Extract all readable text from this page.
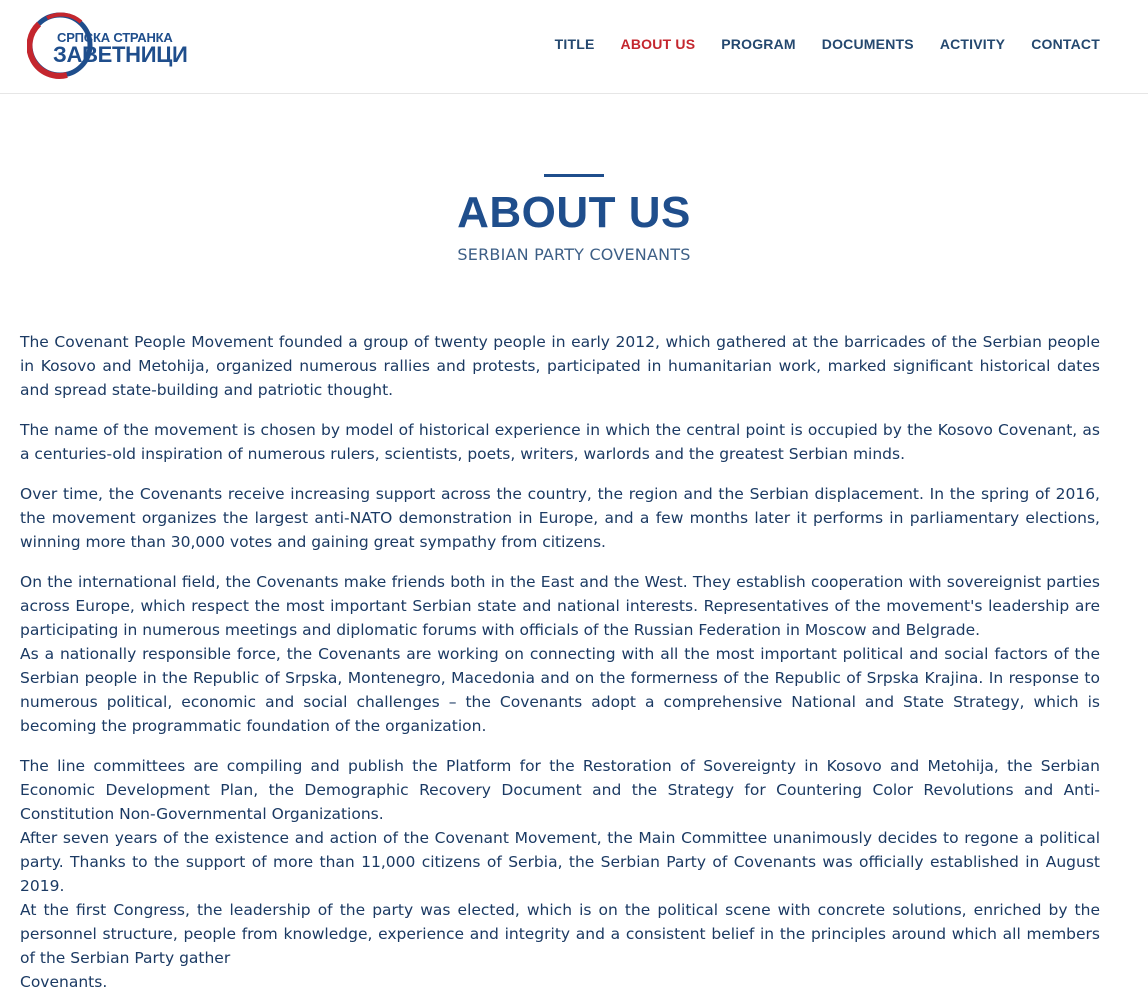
СРПСКА СТРАНКА
ЗАВЕТНИЦИ	TITLE ABOUT US PROGRAM DOCUMENTS ACTIVITY CONTACT
ABOUT US
SERBIAN PARTY COVENANTS

The Covenant People Movement founded a group of twenty people in early 2012, which gathered at the barricades of the Serbian people in Kosovo and Metohija, organized numerous rallies and protests, participated in humanitarian work, marked significant historical dates and spread state-building and patriotic thought.

The name of the movement is chosen by model of historical experience in which the central point is occupied by the Kosovo Covenant, as a centuries-old inspiration of numerous rulers, scientists, poets, writers, warlords and the greatest Serbian minds.

Over time, the Covenants receive increasing support across the country, the region and the Serbian displacement. In the spring of 2016, the movement organizes the largest anti-NATO demonstration in Europe, and a few months later it performs in parliamentary elections, winning more than 30,000 votes and gaining great sympathy from citizens.

On the international field, the Covenants make friends both in the East and the West. They establish cooperation with sovereignist parties across Europe, which respect the most important Serbian state and national interests. Representatives of the movement's leadership are participating in numerous meetings and diplomatic forums with officials of the Russian Federation in Moscow and Belgrade.

As a nationally responsible force, the Covenants are working on connecting with all the most important political and social factors of the Serbian people in the Republic of Srpska, Montenegro, Macedonia and on the formerness of the Republic of Srpska Krajina. In response to numerous political, economic and social challenges – the Covenants adopt a comprehensive National and State Strategy, which is becoming the programmatic foundation of the organization.

The line committees are compiling and publish the Platform for the Restoration of Sovereignty in Kosovo and Metohija, the Serbian Economic Development Plan, the Demographic Recovery Document and the Strategy for Countering Color Revolutions and Anti-Constitution Non-Governmental Organizations.

After seven years of the existence and action of the Covenant Movement, the Main Committee unanimously decides to regone a political party. Thanks to the support of more than 11,000 citizens of Serbia, the Serbian Party of Covenants was officially established in August 2019.

At the first Congress, the leadership of the party was elected, which is on the political scene with concrete solutions, enriched by the personnel structure, people from knowledge, experience and integrity and a consistent belief in the principles around which all members of the Serbian Party gather

Covenants.
